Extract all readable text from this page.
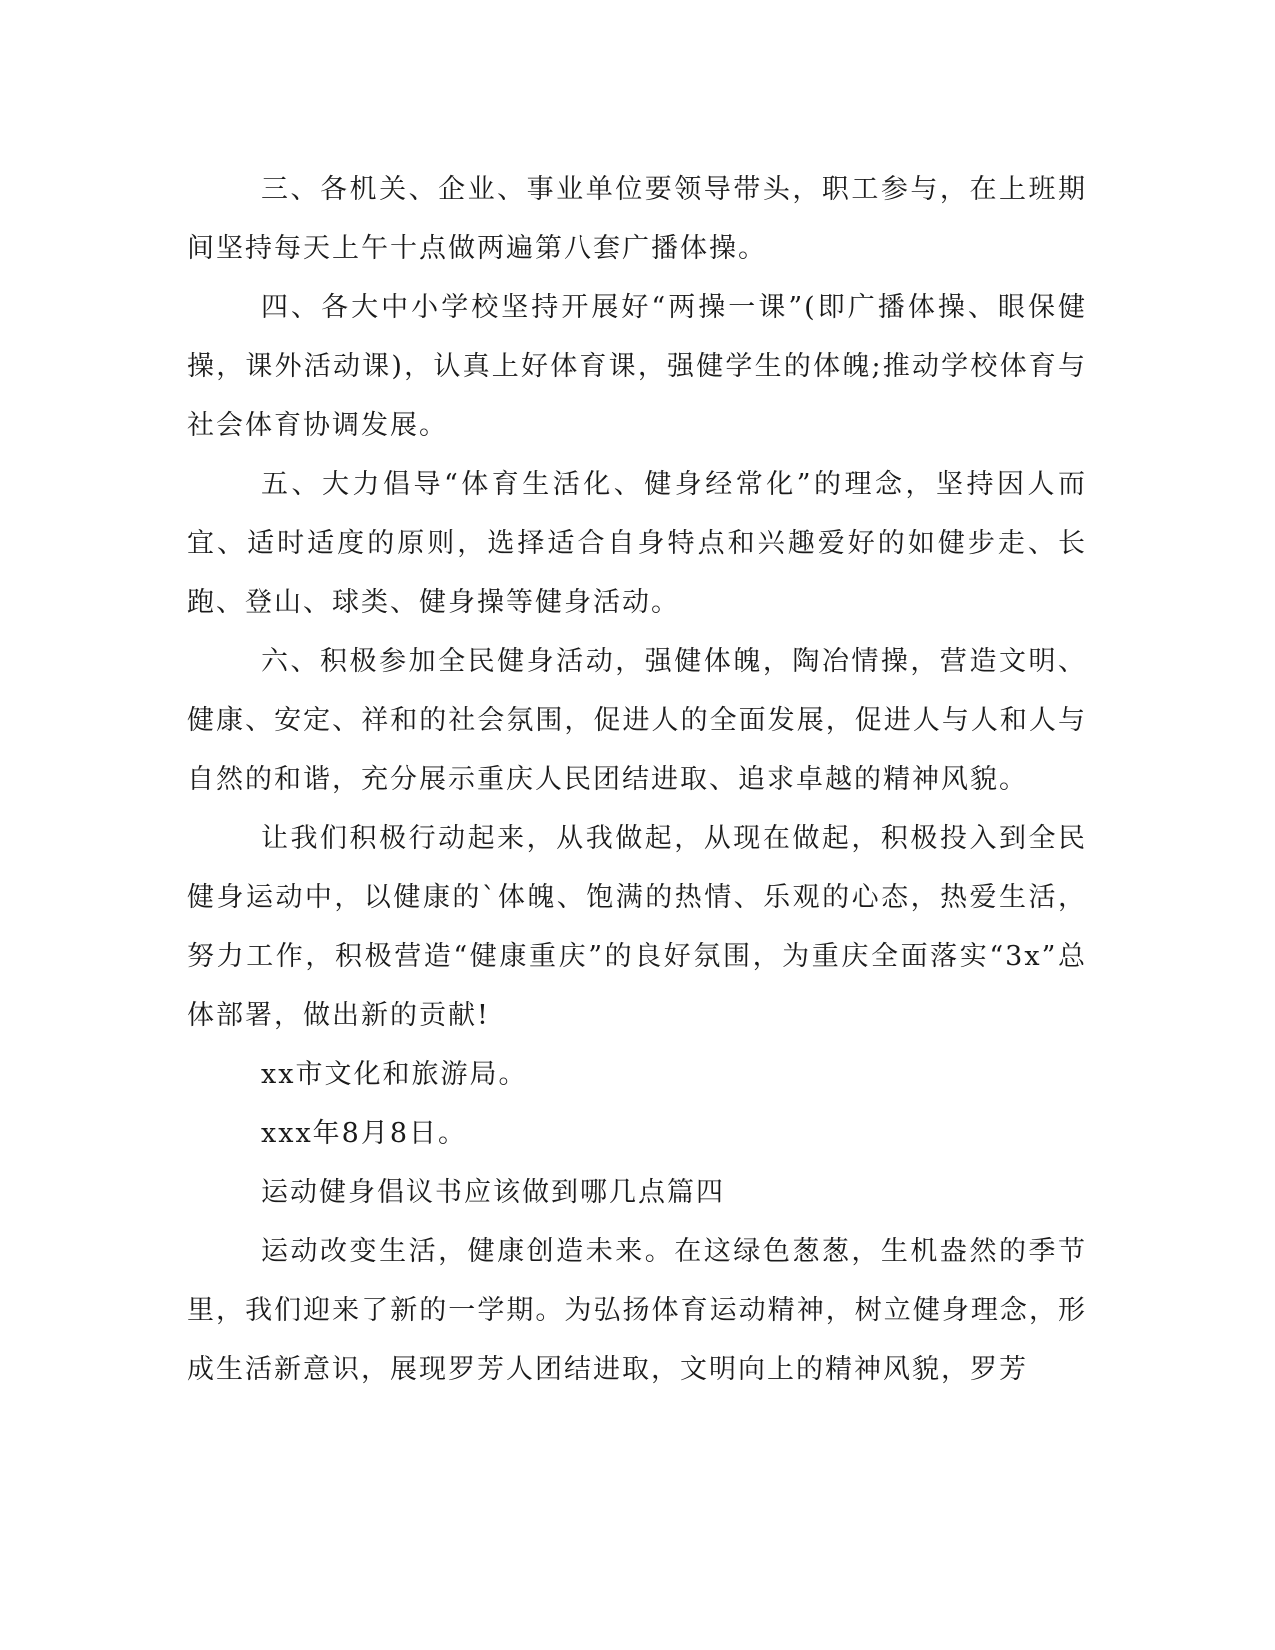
三、各机关、企业、事业单位要领导带头，职工参与，在上班期间坚持每天上午十点做两遍第八套广播体操。

四、各大中小学校坚持开展好“两操一课”(即广播体操、眼保健操，课外活动课)，认真上好体育课，强健学生的体魄;推动学校体育与社会体育协调发展。

五、大力倡导“体育生活化、健身经常化”的理念，坚持因人而宜、适时适度的原则，选择适合自身特点和兴趣爱好的如健步走、长跑、登山、球类、健身操等健身活动。

六、积极参加全民健身活动，强健体魄，陶冶情操，营造文明、健康、安定、祥和的社会氛围，促进人的全面发展，促进人与人和人与自然的和谐，充分展示重庆人民团结进取、追求卓越的精神风貌。

让我们积极行动起来，从我做起，从现在做起，积极投入到全民健身运动中，以健康的`体魄、饱满的热情、乐观的心态，热爱生活，努力工作，积极营造“健康重庆”的良好氛围，为重庆全面落实“3x”总体部署，做出新的贡献!

xx市文化和旅游局。

xxx年8月8日。

运动健身倡议书应该做到哪几点篇四

运动改变生活，健康创造未来。在这绿色葱葱，生机盎然的季节里，我们迎来了新的一学期。为弘扬体育运动精神，树立健身理念，形成生活新意识，展现罗芳人团结进取，文明向上的精神风貌，罗芳
